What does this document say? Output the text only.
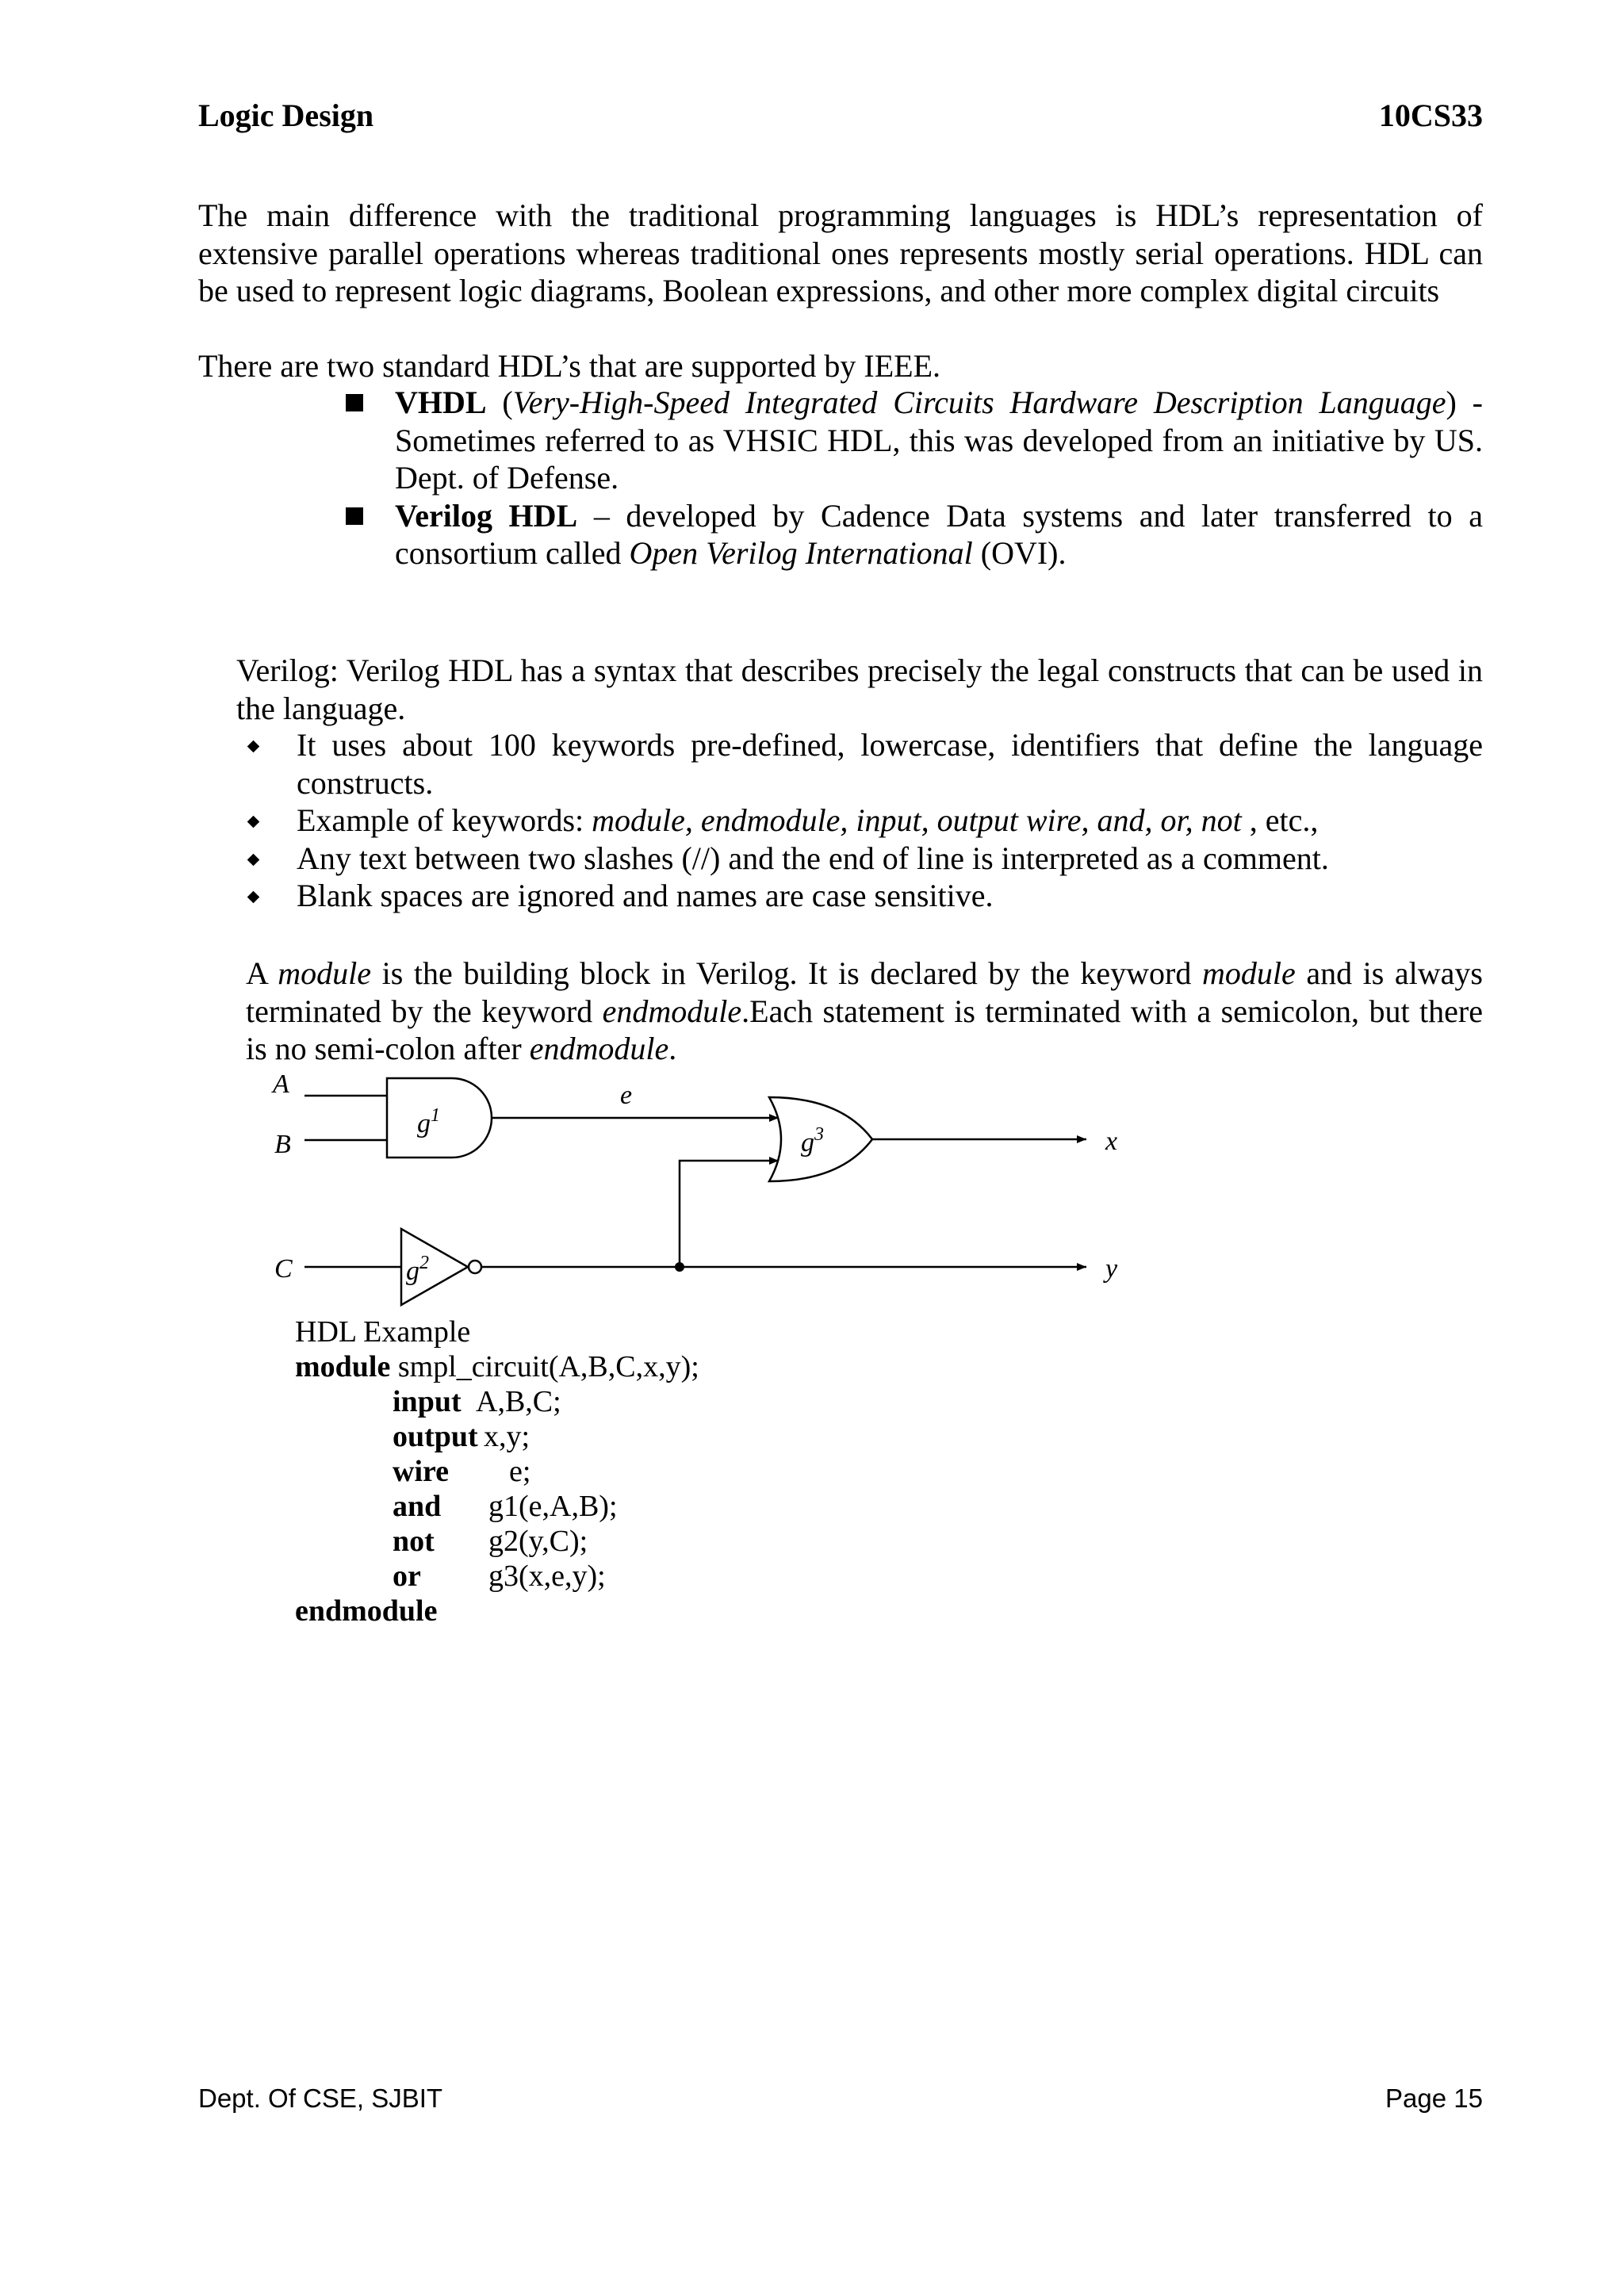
Logic Design	10CS33
The main difference with the traditional programming languages is HDL’s representation of extensive parallel operations whereas traditional ones represents mostly serial operations. HDL can be used to represent logic diagrams, Boolean expressions, and other more complex digital circuits
There are two standard HDL’s that are supported by IEEE.
VHDL (Very-High-Speed Integrated Circuits Hardware Description Language) - Sometimes referred to as VHSIC HDL, this was developed from an initiative by US. Dept. of Defense.
Verilog HDL – developed by Cadence Data systems and later transferred to a consortium called Open Verilog International (OVI).
Verilog: Verilog HDL has a syntax that describes precisely the legal constructs that can be used in the language.
It uses about 100 keywords pre-defined, lowercase, identifiers that define the language constructs.
Example of keywords: module, endmodule, input, output wire, and, or, not , etc.,
Any text between two slashes (//) and the end of line is interpreted as a comment.
Blank spaces are ignored and names are case sensitive.
A module is the building block in Verilog. It is declared by the keyword module and is always terminated by the keyword endmodule.Each statement is terminated with a semicolon, but there is no semi-colon after endmodule.
A
B
C
e
x
y
$g^1$
$g^2$
$g^3$
HDL Example
module smpl_circuit(A,B,C,x,y);
input A,B,C;
output x,y;
wire e;
and g1(e,A,B);
not g2(y,C);
or g3(x,e,y);
endmodule
Dept. Of CSE, SJBIT	Page 15
